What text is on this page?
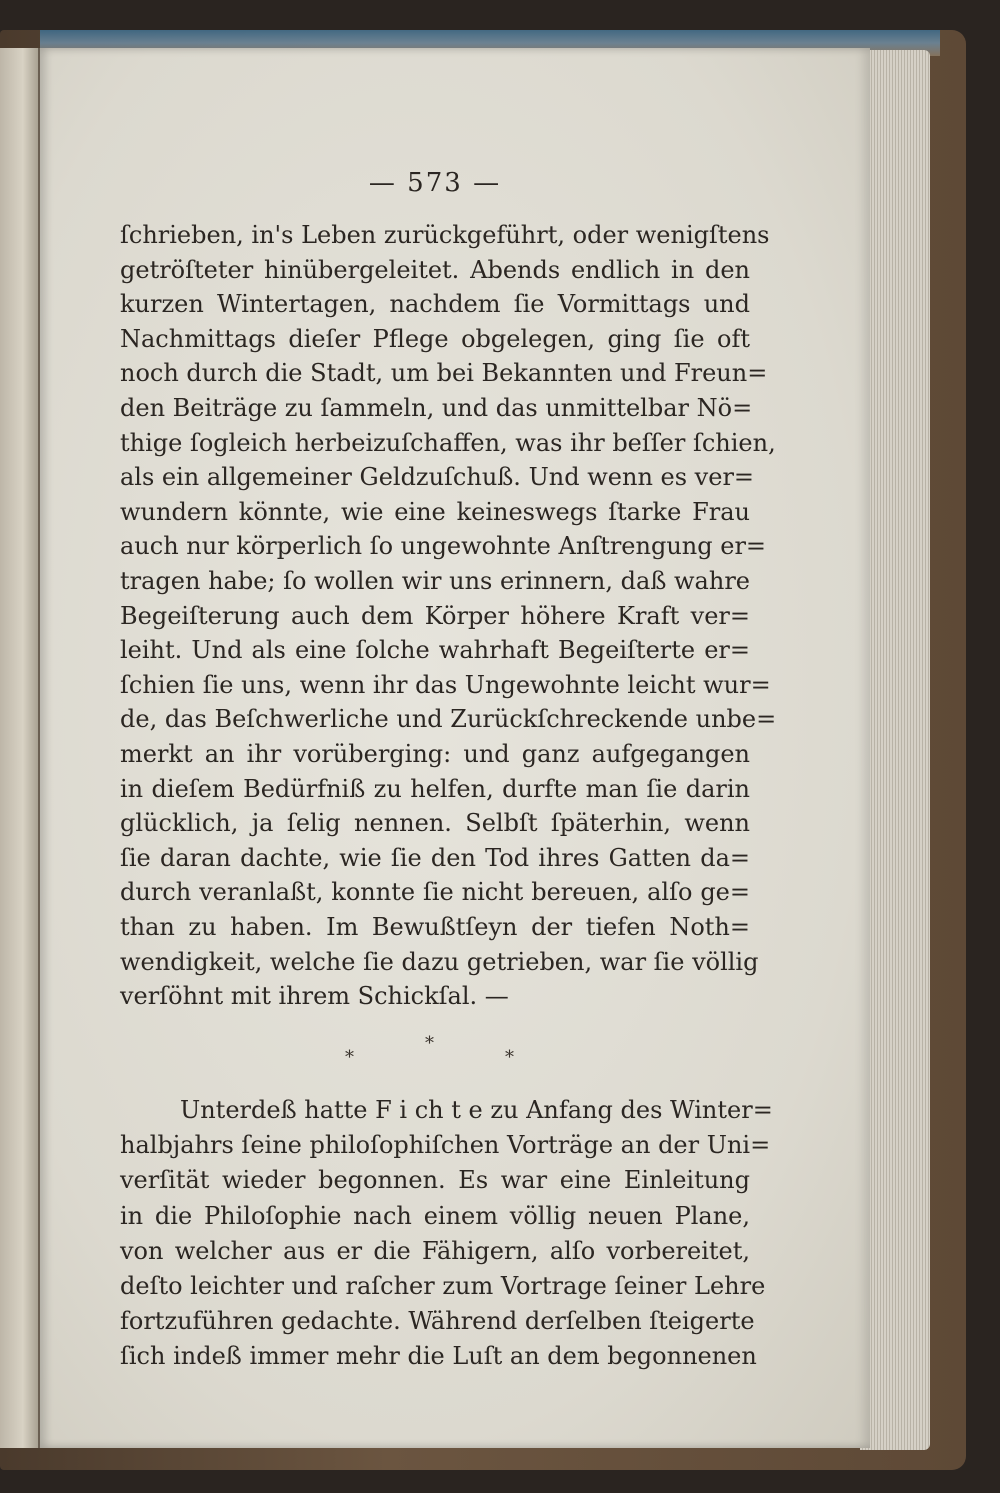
— 573 —
ſchrieben, in's Leben zurückgeführt, oder wenigſtens
getröſteter hinübergeleitet. Abends endlich in den
kurzen Wintertagen, nachdem ſie Vormittags und
Nachmittags dieſer Pflege obgelegen, ging ſie oft
noch durch die Stadt, um bei Bekannten und Freun=
den Beiträge zu ſammeln, und das unmittelbar Nö=
thige ſogleich herbeizuſchaffen, was ihr beſſer ſchien,
als ein allgemeiner Geldzuſchuß. Und wenn es ver=
wundern könnte, wie eine keineswegs ſtarke Frau
auch nur körperlich ſo ungewohnte Anſtrengung er=
tragen habe; ſo wollen wir uns erinnern, daß wahre
Begeiſterung auch dem Körper höhere Kraft ver=
leiht. Und als eine ſolche wahrhaft Begeiſterte er=
ſchien ſie uns, wenn ihr das Ungewohnte leicht wur=
de, das Beſchwerliche und Zurückſchreckende unbe=
merkt an ihr vorüberging: und ganz aufgegangen
in dieſem Bedürfniß zu helfen, durfte man ſie darin
glücklich, ja ſelig nennen. Selbſt ſpäterhin, wenn
ſie daran dachte, wie ſie den Tod ihres Gatten da=
durch veranlaßt, konnte ſie nicht bereuen, alſo ge=
than zu haben. Im Bewußtſeyn der tiefen Noth=
wendigkeit, welche ſie dazu getrieben, war ſie völlig
verſöhnt mit ihrem Schickſal. —
*
*
*
Unterdeß hatte F i ch t e zu Anfang des Winter=
halbjahrs ſeine philoſophiſchen Vorträge an der Uni=
verſität wieder begonnen. Es war eine Einleitung
in die Philoſophie nach einem völlig neuen Plane,
von welcher aus er die Fähigern, alſo vorbereitet,
deſto leichter und raſcher zum Vortrage ſeiner Lehre
fortzuführen gedachte. Während derſelben ſteigerte
ſich indeß immer mehr die Luſt an dem begonnenen
